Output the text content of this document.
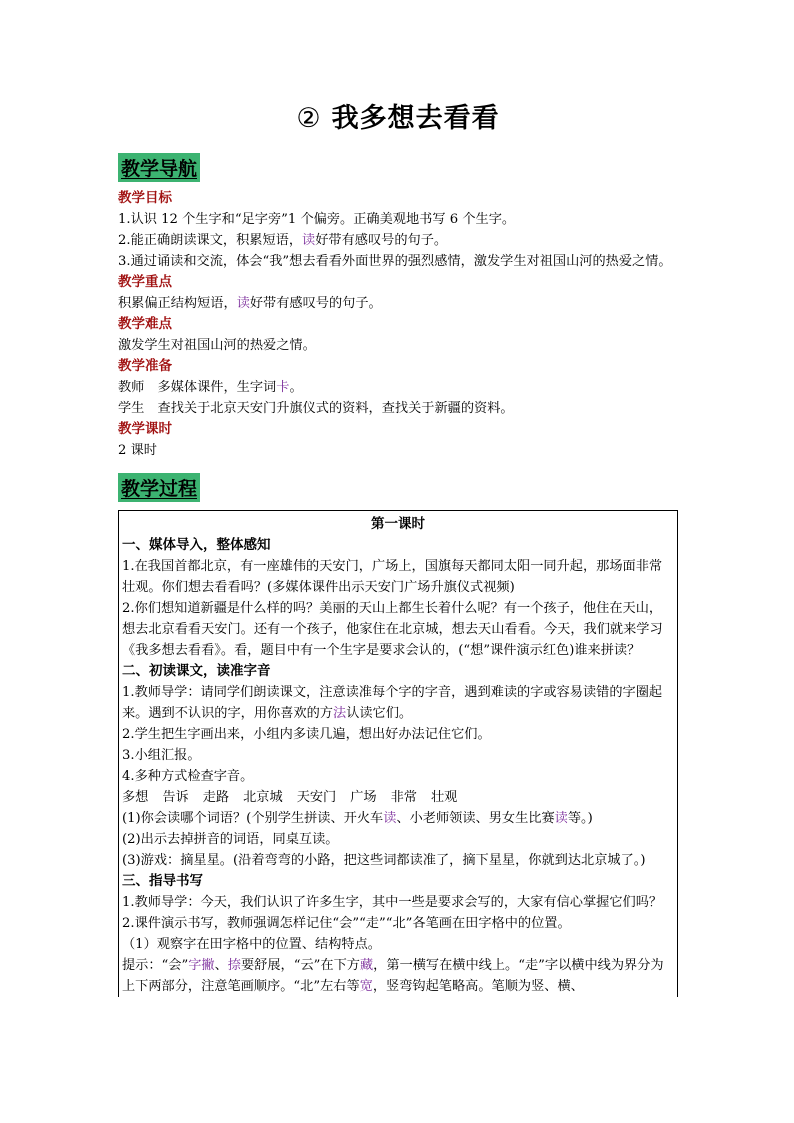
② 我多想去看看
教学导航
教学目标
1.认识 12 个生字和“足字旁”1 个偏旁。正确美观地书写 6 个生字。
2.能正确朗读课文，积累短语，读好带有感叹号的句子。
3.通过诵读和交流，体会“我”想去看看外面世界的强烈感情，激发学生对祖国山河的热爱之情。
教学重点
积累偏正结构短语，读好带有感叹号的句子。
教学难点
激发学生对祖国山河的热爱之情。
教学准备
教师　多媒体课件，生字词卡。
学生　查找关于北京天安门升旗仪式的资料，查找关于新疆的资料。
教学课时
2 课时
教学过程
第一课时
一、媒体导入，整体感知
1.在我国首都北京，有一座雄伟的天安门，广场上，国旗每天都同太阳一同升起，那场面非常壮观。你们想去看看吗？(多媒体课件出示天安门广场升旗仪式视频)
2.你们想知道新疆是什么样的吗？美丽的天山上都生长着什么呢？有一个孩子，他住在天山，想去北京看看天安门。还有一个孩子，他家住在北京城，想去天山看看。今天，我们就来学习《我多想去看看》。看，题目中有一个生字是要求会认的，(“想”课件演示红色)谁来拼读？
二、初读课文，读准字音
1.教师导学：请同学们朗读课文，注意读准每个字的字音，遇到难读的字或容易读错的字圈起来。遇到不认识的字，用你喜欢的方法认读它们。
2.学生把生字画出来，小组内多读几遍，想出好办法记住它们。
3.小组汇报。
4.多种方式检查字音。
多想 告诉 走路 北京城 天安门 广场 非常 壮观
(1)你会读哪个词语？(个别学生拼读、开火车读、小老师领读、男女生比赛读等。)
(2)出示去掉拼音的词语，同桌互读。
(3)游戏：摘星星。(沿着弯弯的小路，把这些词都读准了，摘下星星，你就到达北京城了。)
三、指导书写
1.教师导学：今天，我们认识了许多生字，其中一些是要求会写的，大家有信心掌握它们吗？
2.课件演示书写，教师强调怎样记住“会”“走”“北”各笔画在田字格中的位置。
（1）观察字在田字格中的位置、结构特点。
提示：“会”字撇、捺要舒展，“云”在下方藏，第一横写在横中线上。“走”字以横中线为界分为上下两部分，注意笔画顺序。“北”左右等宽，竖弯钩起笔略高。笔顺为竖、横、
